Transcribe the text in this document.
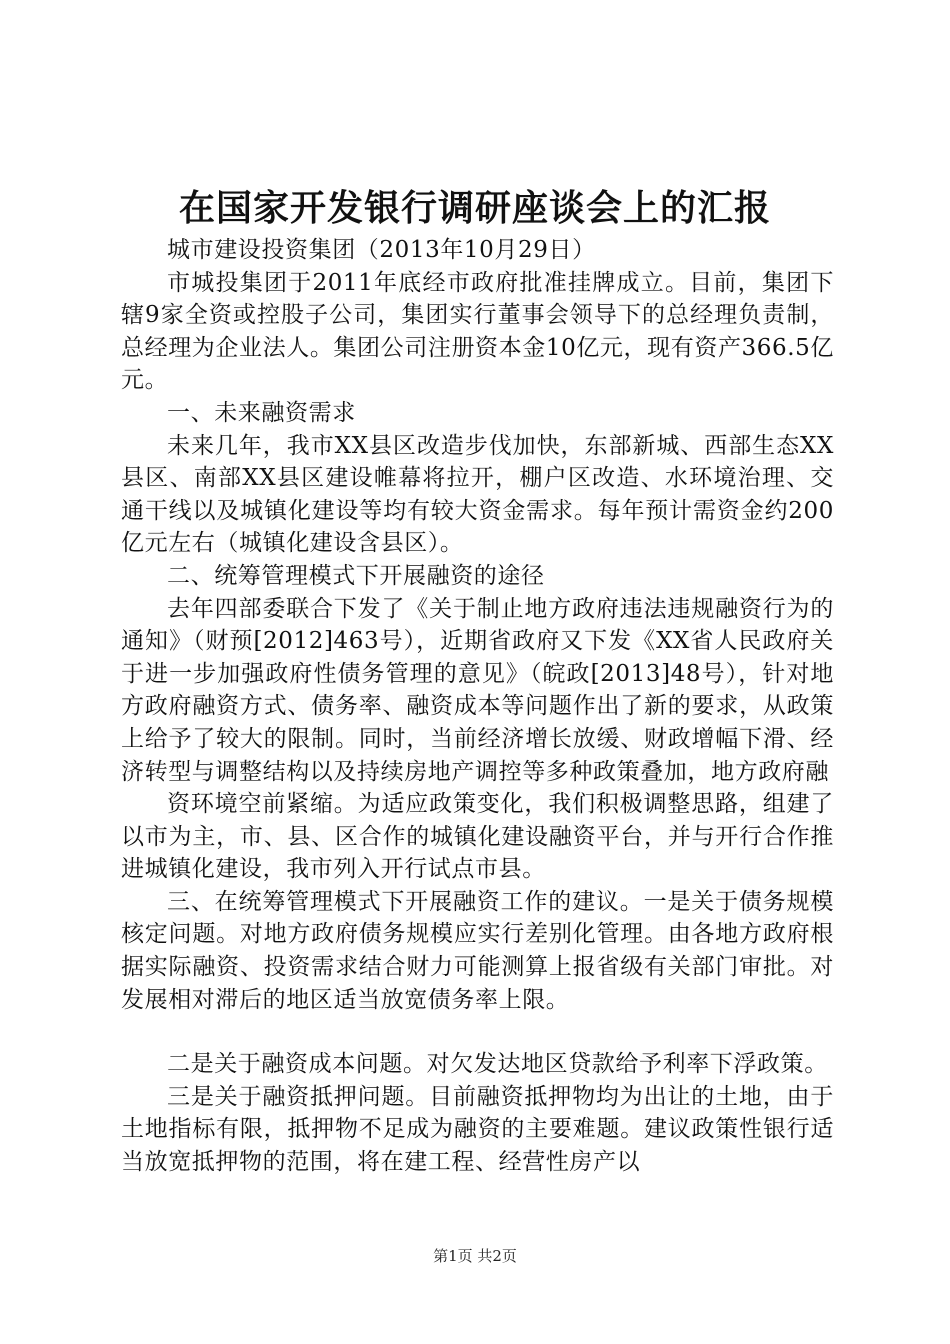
在国家开发银行调研座谈会上的汇报

城市建设投资集团（2013年10月29日）

市城投集团于2011年底经市政府批准挂牌成立。目前，集团下辖9家全资或控股子公司，集团实行董事会领导下的总经理负责制，总经理为企业法人。集团公司注册资本金10亿元，现有资产366.5亿元。

一、未来融资需求

未来几年，我市XX县区改造步伐加快，东部新城、西部生态XX县区、南部XX县区建设帷幕将拉开，棚户区改造、水环境治理、交通干线以及城镇化建设等均有较大资金需求。每年预计需资金约200亿元左右（城镇化建设含县区）。

二、统筹管理模式下开展融资的途径

去年四部委联合下发了《关于制止地方政府违法违规融资行为的通知》（财预[2012]463号），近期省政府又下发《XX省人民政府关于进一步加强政府性债务管理的意见》（皖政[2013]48号），针对地方政府融资方式、债务率、融资成本等问题作出了新的要求，从政策上给予了较大的限制。同时，当前经济增长放缓、财政增幅下滑、经济转型与调整结构以及持续房地产调控等多种政策叠加，地方政府融

资环境空前紧缩。为适应政策变化，我们积极调整思路，组建了以市为主，市、县、区合作的城镇化建设融资平台，并与开行合作推进城镇化建设，我市列入开行试点市县。

三、在统筹管理模式下开展融资工作的建议。一是关于债务规模核定问题。对地方政府债务规模应实行差别化管理。由各地方政府根据实际融资、投资需求结合财力可能测算上报省级有关部门审批。对发展相对滞后的地区适当放宽债务率上限。

二是关于融资成本问题。对欠发达地区贷款给予利率下浮政策。

三是关于融资抵押问题。目前融资抵押物均为出让的土地，由于土地指标有限，抵押物不足成为融资的主要难题。建议政策性银行适当放宽抵押物的范围，将在建工程、经营性房产以

第1页 共2页
